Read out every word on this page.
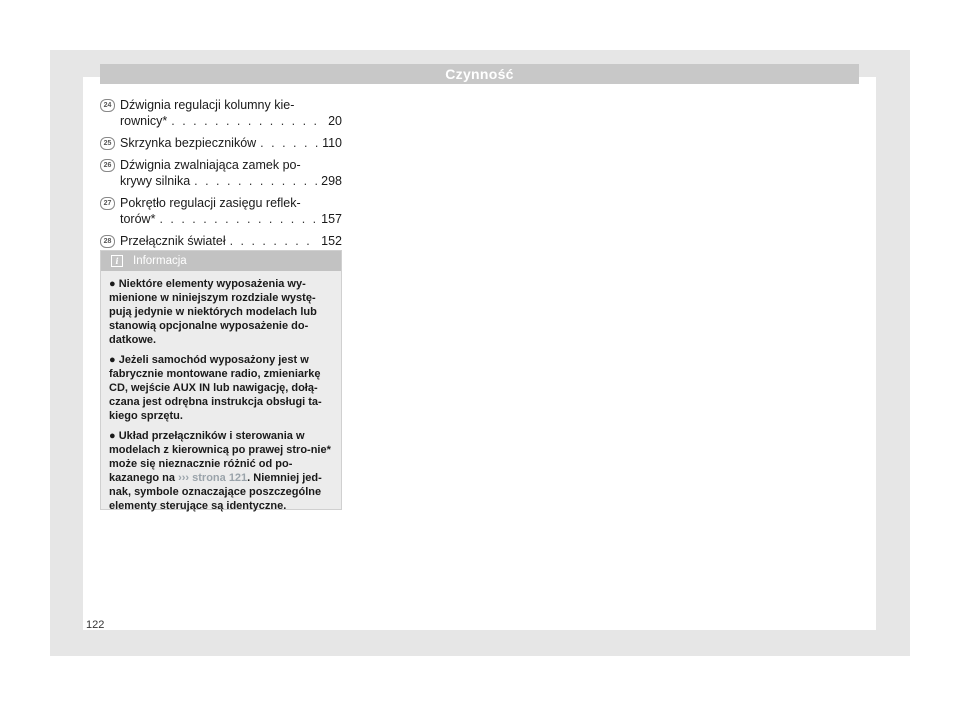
Czynność
24 Dźwignia regulacji kolumny kie-
rownicy* . . .	20
25 Skrzynka bezpieczników . . .	110
26 Dźwignia zwalniająca zamek po-
krywy silnika . . .	298
27 Pokrętło regulacji zasięgu reflek-
torów* . . .	157
28 Przełącznik świateł . . .	152
i	Informacja

● Niektóre elementy wyposażenia wy-mienione w niniejszym rozdziale wystę-pują jedynie w niektórych modelach lub stanowią opcjonalne wyposażenie do-datkowe.

● Jeżeli samochód wyposażony jest w fabrycznie montowane radio, zmieniarkę CD, wejście AUX IN lub nawigację, dołą-czana jest odrębna instrukcja obsługi ta-kiego sprzętu.

● Układ przełączników i sterowania w modelach z kierownicą po prawej stro-nie* może się nieznacznie różnić od po-kazanego na ››› strona 121. Niemniej jed-nak, symbole oznaczające poszczególne elementy sterujące są identyczne.

122
